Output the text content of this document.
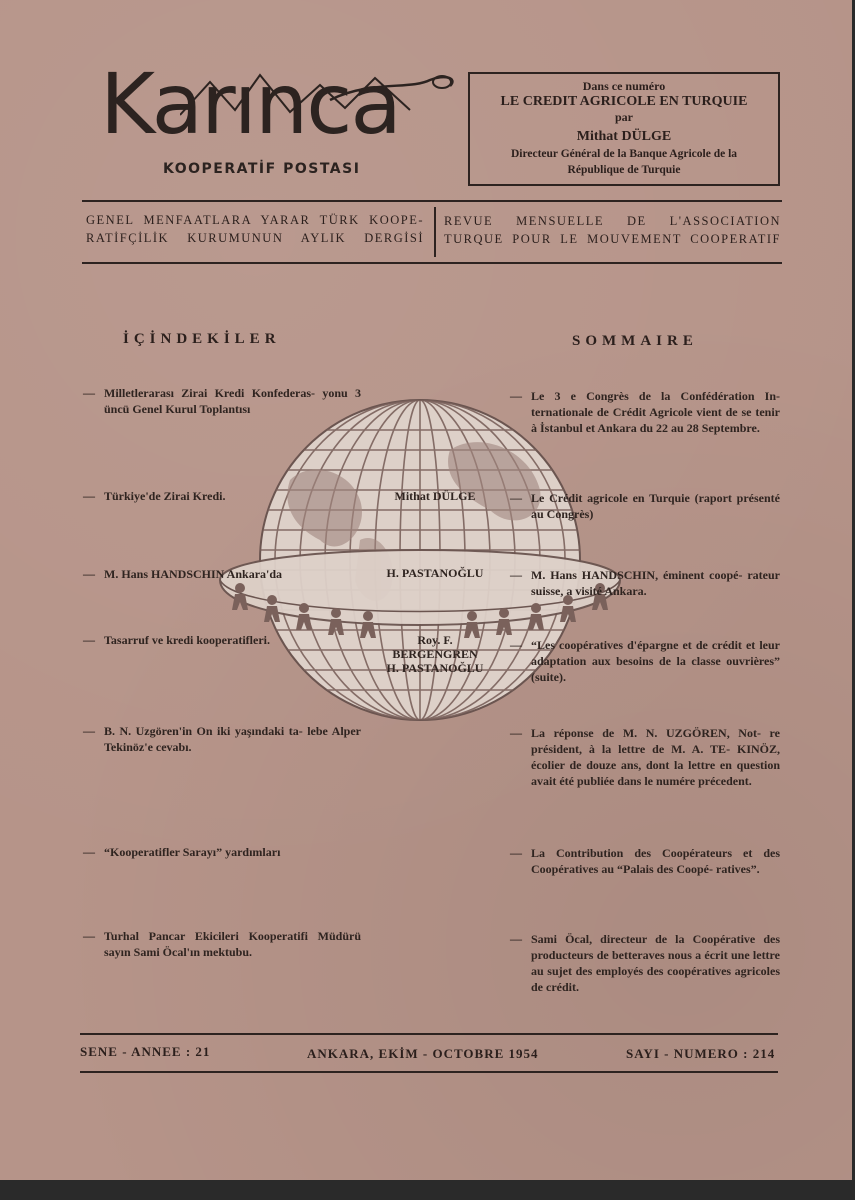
Karınca
KOOPERATİF POSTASI
Dans ce numéro
LE CREDIT AGRICOLE EN TURQUIE
par
Mithat DÜLGE
Directeur Général de la Banque Agricole de la
République de Turquie
GENEL MENFAATLARA YARAR TÜRK KOOPE-
RATİFÇİLİK KURUMUNUN AYLIK DERGİSİ
REVUE MENSUELLE DE L'ASSOCIATION
TURQUE POUR LE MOUVEMENT COOPERATIF
İÇİNDEKİLER	SOMMAIRE
— Milletlerarası Zirai Kredi Konfederas- yonu 3 üncü Genel Kurul Toplantısı
— Türkiye'de Zirai Kredi.
— M. Hans HANDSCHIN Ankara'da
— Tasarruf ve kredi kooperatifleri.
— B. N. Uzgören'in On iki yaşındaki ta- lebe Alper Tekinöz'e cevabı.
— “Kooperatifler Sarayı” yardımları
— Turhal Pancar Ekicileri Kooperatifi Müdürü sayın Sami Öcal'ın mektubu.
Mithat DÜLGE
H. PASTANOĞLU
Roy. F.
BERGENGREN
H. PASTANOĞLU
— Le 3 e Congrès de la Confédération In- ternationale de Crédit Agricole vient de se tenir à İstanbul et Ankara du 22 au 28 Septembre.
— Le Crédit agricole en Turquie (raport présenté au Congrès)
— M. Hans HANDSCHIN, éminent coopé- rateur suisse, a visité Ankara.
— “Les coopératives d'épargne et de crédit et leur adaptation aux besoins de la classe ouvrières” (suite).
— La réponse de M. N. UZGÖREN, Not- re président, à la lettre de M. A. TE- KINÖZ, écolier de douze ans, dont la lettre en question avait été publiée dans le numére précedent.
— La Contribution des Coopérateurs et des Coopératives au “Palais des Coopé- ratives”.
— Sami Öcal, directeur de la Coopérative des producteurs de betteraves nous a écrit une lettre au sujet des employés des coopératives agricoles de crédit.
SENE - ANNEE : 21	ANKARA, EKİM - OCTOBRE 1954	SAYI - NUMERO : 214
